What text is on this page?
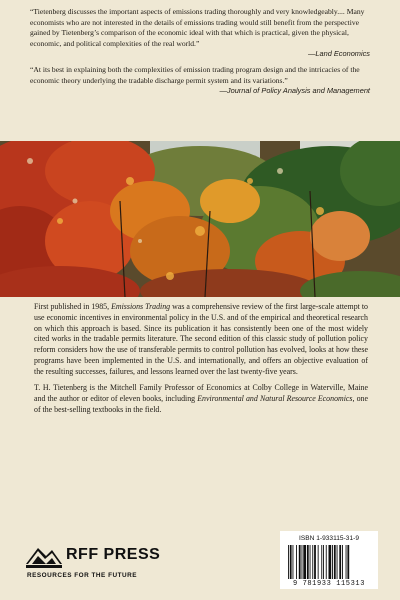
“Tietenberg discusses the important aspects of emissions trading thoroughly and very knowledgeably.... Many economists who are not interested in the details of emissions trading would still benefit from the perspective gained by Tietenberg’s comparison of the economic ideal with that which is practical, given the physical, economic, and political complexities of the real world.”
—Land Economics

“At its best in explaining both the complexities of emission trading program design and the intricacies of the economic theory underlying the tradable discharge permit system and its variations.”
—Journal of Policy Analysis and Management

First published in 1985, Emissions Trading was a comprehensive review of the first large-scale attempt to use economic incentives in environmental policy in the U.S. and of the empirical and theoretical research on which this approach is based. Since its publication it has consistently been one of the most widely cited works in the tradable permits literature. The second edition of this classic study of pollution policy reform considers how the use of transferable permits to control pollution has evolved, looks at how these programs have been implemented in the U.S. and internationally, and offers an objective evaluation of the resulting successes, failures, and lessons learned over the last twenty-five years.

T. H. Tietenberg is the Mitchell Family Professor of Economics at Colby College in Waterville, Maine and the author or editor of eleven books, including Environmental and Natural Resource Economics, one of the best-selling textbooks in the field.

RFF PRESS
RESOURCES FOR THE FUTURE
ISBN 1-933115-31-9
9 781933 115313
